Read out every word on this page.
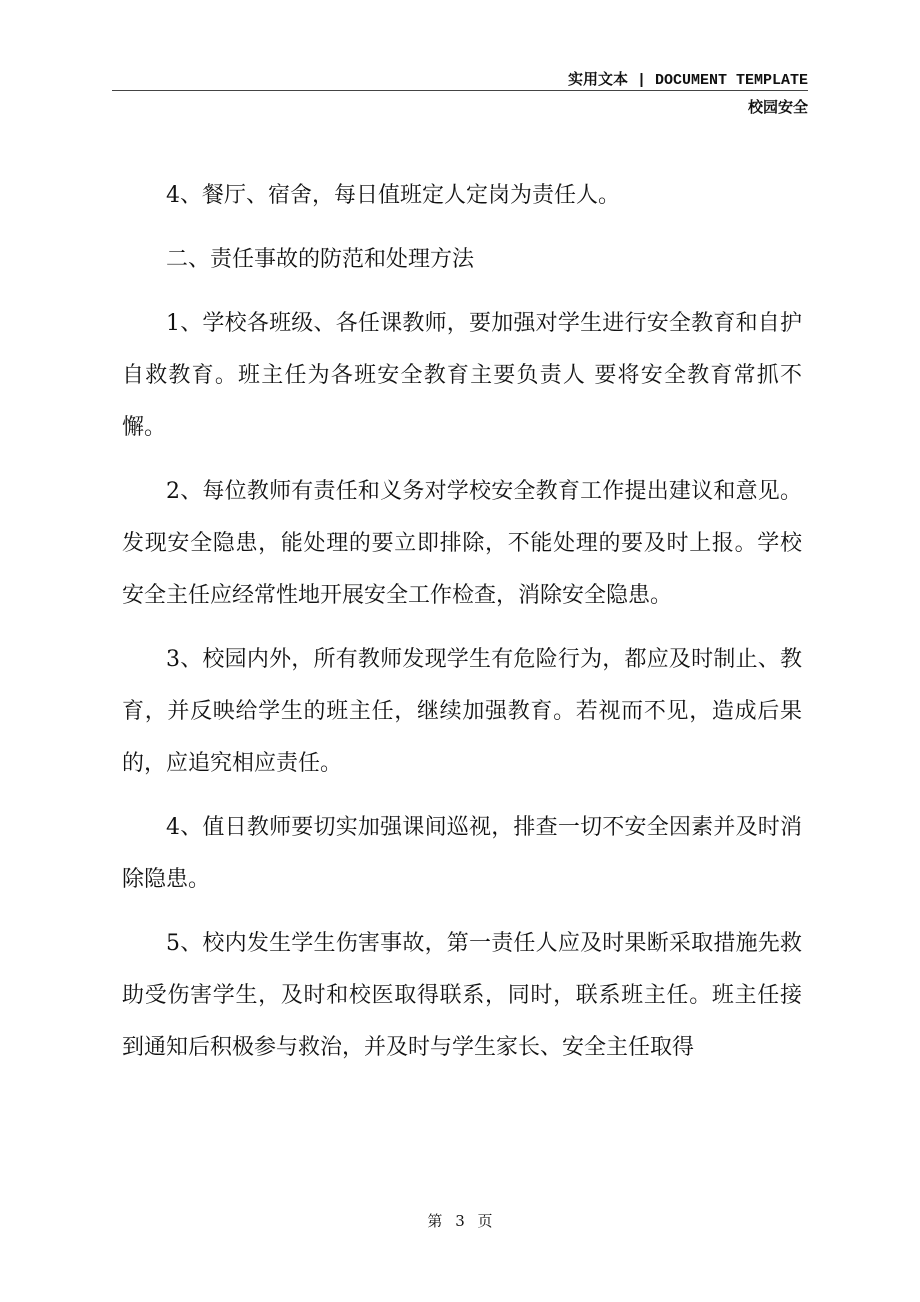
实用文本 | DOCUMENT TEMPLATE
校园安全

4、餐厅、宿舍，每日值班定人定岗为责任人。

二、责任事故的防范和处理方法

1、学校各班级、各任课教师，要加强对学生进行安全教育和自护自救教育。班主任为各班安全教育主要负责人 要将安全教育常抓不懈。

2、每位教师有责任和义务对学校安全教育工作提出建议和意见。发现安全隐患，能处理的要立即排除，不能处理的要及时上报。学校安全主任应经常性地开展安全工作检查，消除安全隐患。

3、校园内外，所有教师发现学生有危险行为，都应及时制止、教育，并反映给学生的班主任，继续加强教育。若视而不见，造成后果的，应追究相应责任。

4、值日教师要切实加强课间巡视，排查一切不安全因素并及时消除隐患。

5、校内发生学生伤害事故，第一责任人应及时果断采取措施先救助受伤害学生，及时和校医取得联系，同时，联系班主任。班主任接到通知后积极参与救治，并及时与学生家长、安全主任取得

第 3 页
